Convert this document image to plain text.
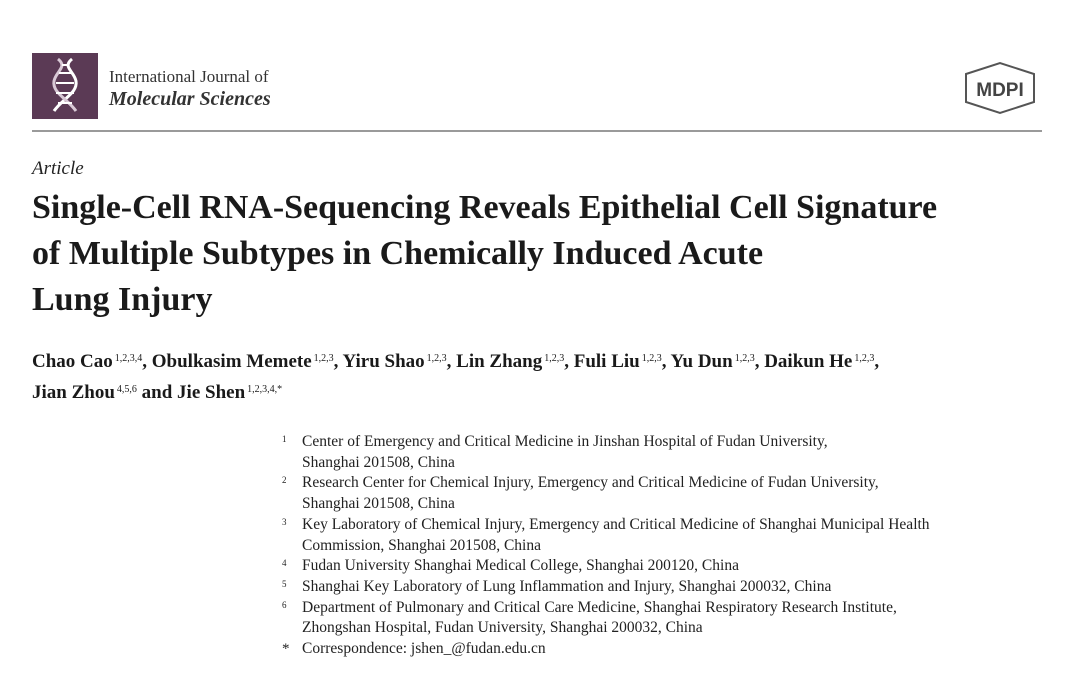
International Journal of
Molecular Sciences	MDPI
Article
Single-Cell RNA-Sequencing Reveals Epithelial Cell Signature
of Multiple Subtypes in Chemically Induced Acute
Lung Injury
Chao Cao $^{1,2,3,4}$, Obulkasim Memete $^{1,2,3}$, Yiru Shao $^{1,2,3}$, Lin Zhang $^{1,2,3}$, Fuli Liu $^{1,2,3}$, Yu Dun $^{1,2,3}$, Daikun He $^{1,2,3}$,
Jian Zhou $^{4,5,6}$ and Jie Shen $^{1,2,3,4,*}$
1 Center of Emergency and Critical Medicine in Jinshan Hospital of Fudan University,
Shanghai 201508, China
2 Research Center for Chemical Injury, Emergency and Critical Medicine of Fudan University,
Shanghai 201508, China
3 Key Laboratory of Chemical Injury, Emergency and Critical Medicine of Shanghai Municipal Health
Commission, Shanghai 201508, China
4 Fudan University Shanghai Medical College, Shanghai 200120, China
5 Shanghai Key Laboratory of Lung Inflammation and Injury, Shanghai 200032, China
6 Department of Pulmonary and Critical Care Medicine, Shanghai Respiratory Research Institute,
Zhongshan Hospital, Fudan University, Shanghai 200032, China
* Correspondence: jshen_@fudan.edu.cn
